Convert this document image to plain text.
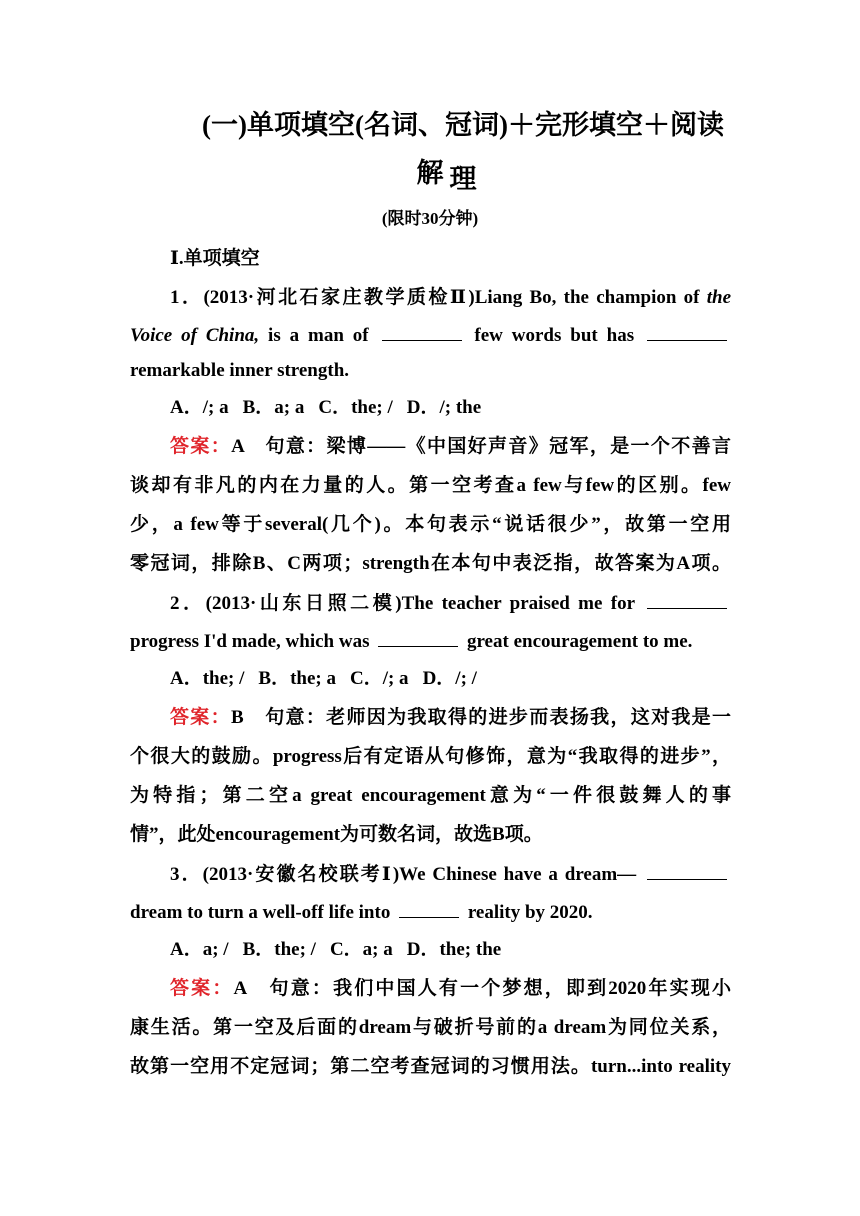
(一)单项填空(名词、冠词)＋完形填空＋阅读理
解
(限时30分钟)
Ⅰ.单项填空
1．(2013·河北石家庄教学质检Ⅱ)Liang Bo, the champion of the
Voice of China, is a man of	few words but has
remarkable inner strength.
A．/; a B．a; a C．the; / D．/; the
答案：A　句意：梁博——《中国好声音》冠军，是一个不善言
谈却有非凡的内在力量的人。第一空考查a few与few的区别。few
少，a few等于several(几个)。本句表示“说话很少”，故第一空用
零冠词，排除B、C两项；strength在本句中表泛指，故答案为A项。
2．(2013·山东日照二模)The teacher praised me for
progress I'd made, which was	great encouragement to me.
A．the; / B．the; a C．/; a D．/; /
答案：B　句意：老师因为我取得的进步而表扬我，这对我是一
个很大的鼓励。progress后有定语从句修饰，意为“我取得的进步”，
为特指；第二空a great encouragement意为“一件很鼓舞人的事
情”，此处encouragement为可数名词，故选B项。
3．(2013·安徽名校联考Ⅰ)We Chinese have a dream—
dream to turn a well-off life into	reality by 2020.
A．a; / B．the; / C．a; a D．the; the
答案：A　句意：我们中国人有一个梦想，即到2020年实现小
康生活。第一空及后面的dream与破折号前的a dream为同位关系，
故第一空用不定冠词；第二空考查冠词的习惯用法。turn...into reality
